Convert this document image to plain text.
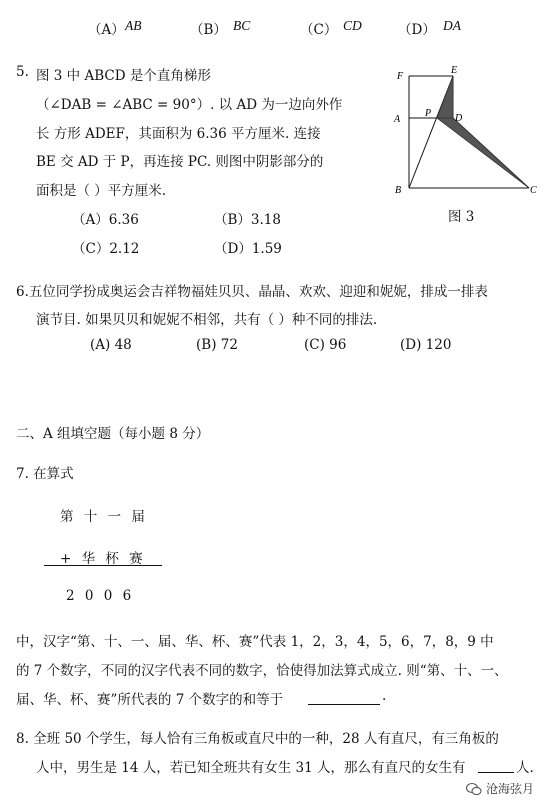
（A） AB	（B） BC	（C） CD	（D） DA
5. 图 3 中 ABCD 是个直角梯形
（∠DAB = ∠ABC = 90°）. 以 AD 为一边向外作
长 方形 ADEF，其面积为 6.36 平方厘米. 连接
BE 交 AD 于 P，再连接 PC. 则图中阴影部分的
面积是（ ）平方厘米.
（A）6.36	（B）3.18
（C）2.12	（D）1.59
F
E
A
P D
B	C
图 3
6.五位同学扮成奥运会吉祥物福娃贝贝、晶晶、欢欢、迎迎和妮妮，排成一排表
演节目. 如果贝贝和妮妮不相邻，共有（ ）种不同的排法.
(A) 48	(B) 72	(C) 96	(D) 120
二、A 组填空题（每小题 8 分）
7. 在算式
第 十 一 届
+ 华 杯 赛
2 0 0 6
中，汉字“第、十、一、届、华、杯、赛”代表 1，2，3，4，5，6，7，8，9 中
的 7 个数字，不同的汉字代表不同的数字，恰使得加法算式成立. 则“第、十、一、
届、华、杯、赛”所代表的 7 个数字的和等于	.
8. 全班 50 个学生，每人恰有三角板或直尺中的一种，28 人有直尺，有三角板的
人中，男生是 14 人，若已知全班共有女生 31 人，那么有直尺的女生有	人.
沧海弦月
